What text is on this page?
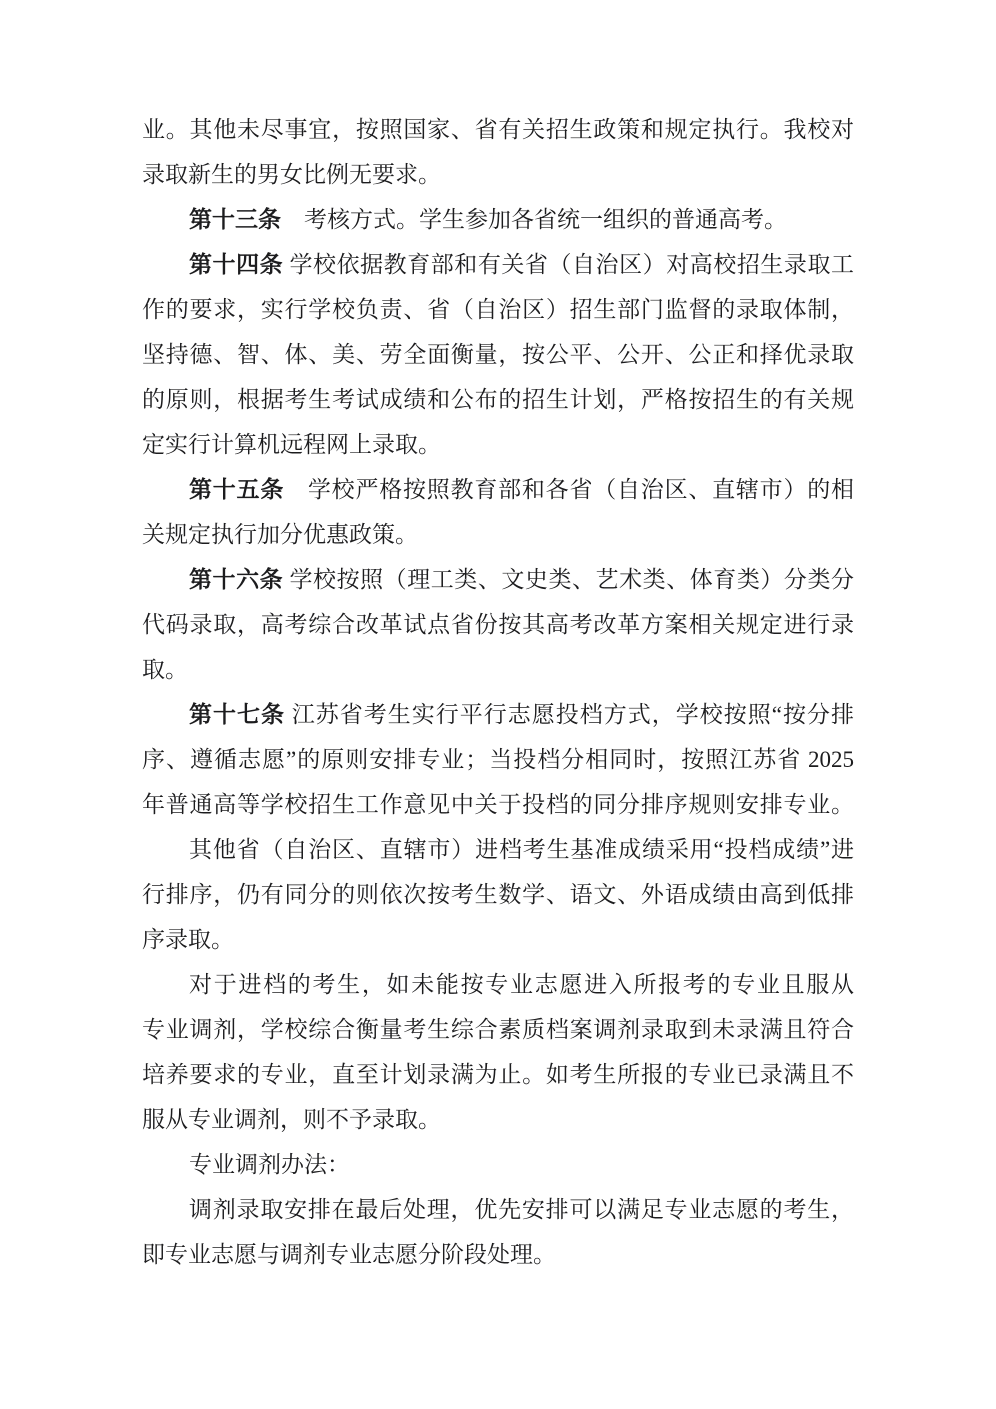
业。其他未尽事宜，按照国家、省有关招生政策和规定执行。我校对
录取新生的男女比例无要求。
第十三条　考核方式。学生参加各省统一组织的普通高考。
第十四条 学校依据教育部和有关省（自治区）对高校招生录取工
作的要求，实行学校负责、省（自治区）招生部门监督的录取体制，
坚持德、智、体、美、劳全面衡量，按公平、公开、公正和择优录取
的原则，根据考生考试成绩和公布的招生计划，严格按招生的有关规
定实行计算机远程网上录取。
第十五条　学校严格按照教育部和各省（自治区、直辖市）的相
关规定执行加分优惠政策。
第十六条 学校按照（理工类、文史类、艺术类、体育类）分类分
代码录取，高考综合改革试点省份按其高考改革方案相关规定进行录
取。
第十七条 江苏省考生实行平行志愿投档方式，学校按照“按分排
序、遵循志愿”的原则安排专业；当投档分相同时，按照江苏省 2025
年普通高等学校招生工作意见中关于投档的同分排序规则安排专业。
其他省（自治区、直辖市）进档考生基准成绩采用“投档成绩”进
行排序，仍有同分的则依次按考生数学、语文、外语成绩由高到低排
序录取。
对于进档的考生，如未能按专业志愿进入所报考的专业且服从
专业调剂，学校综合衡量考生综合素质档案调剂录取到未录满且符合
培养要求的专业，直至计划录满为止。如考生所报的专业已录满且不
服从专业调剂，则不予录取。
专业调剂办法：
调剂录取安排在最后处理，优先安排可以满足专业志愿的考生，
即专业志愿与调剂专业志愿分阶段处理。
